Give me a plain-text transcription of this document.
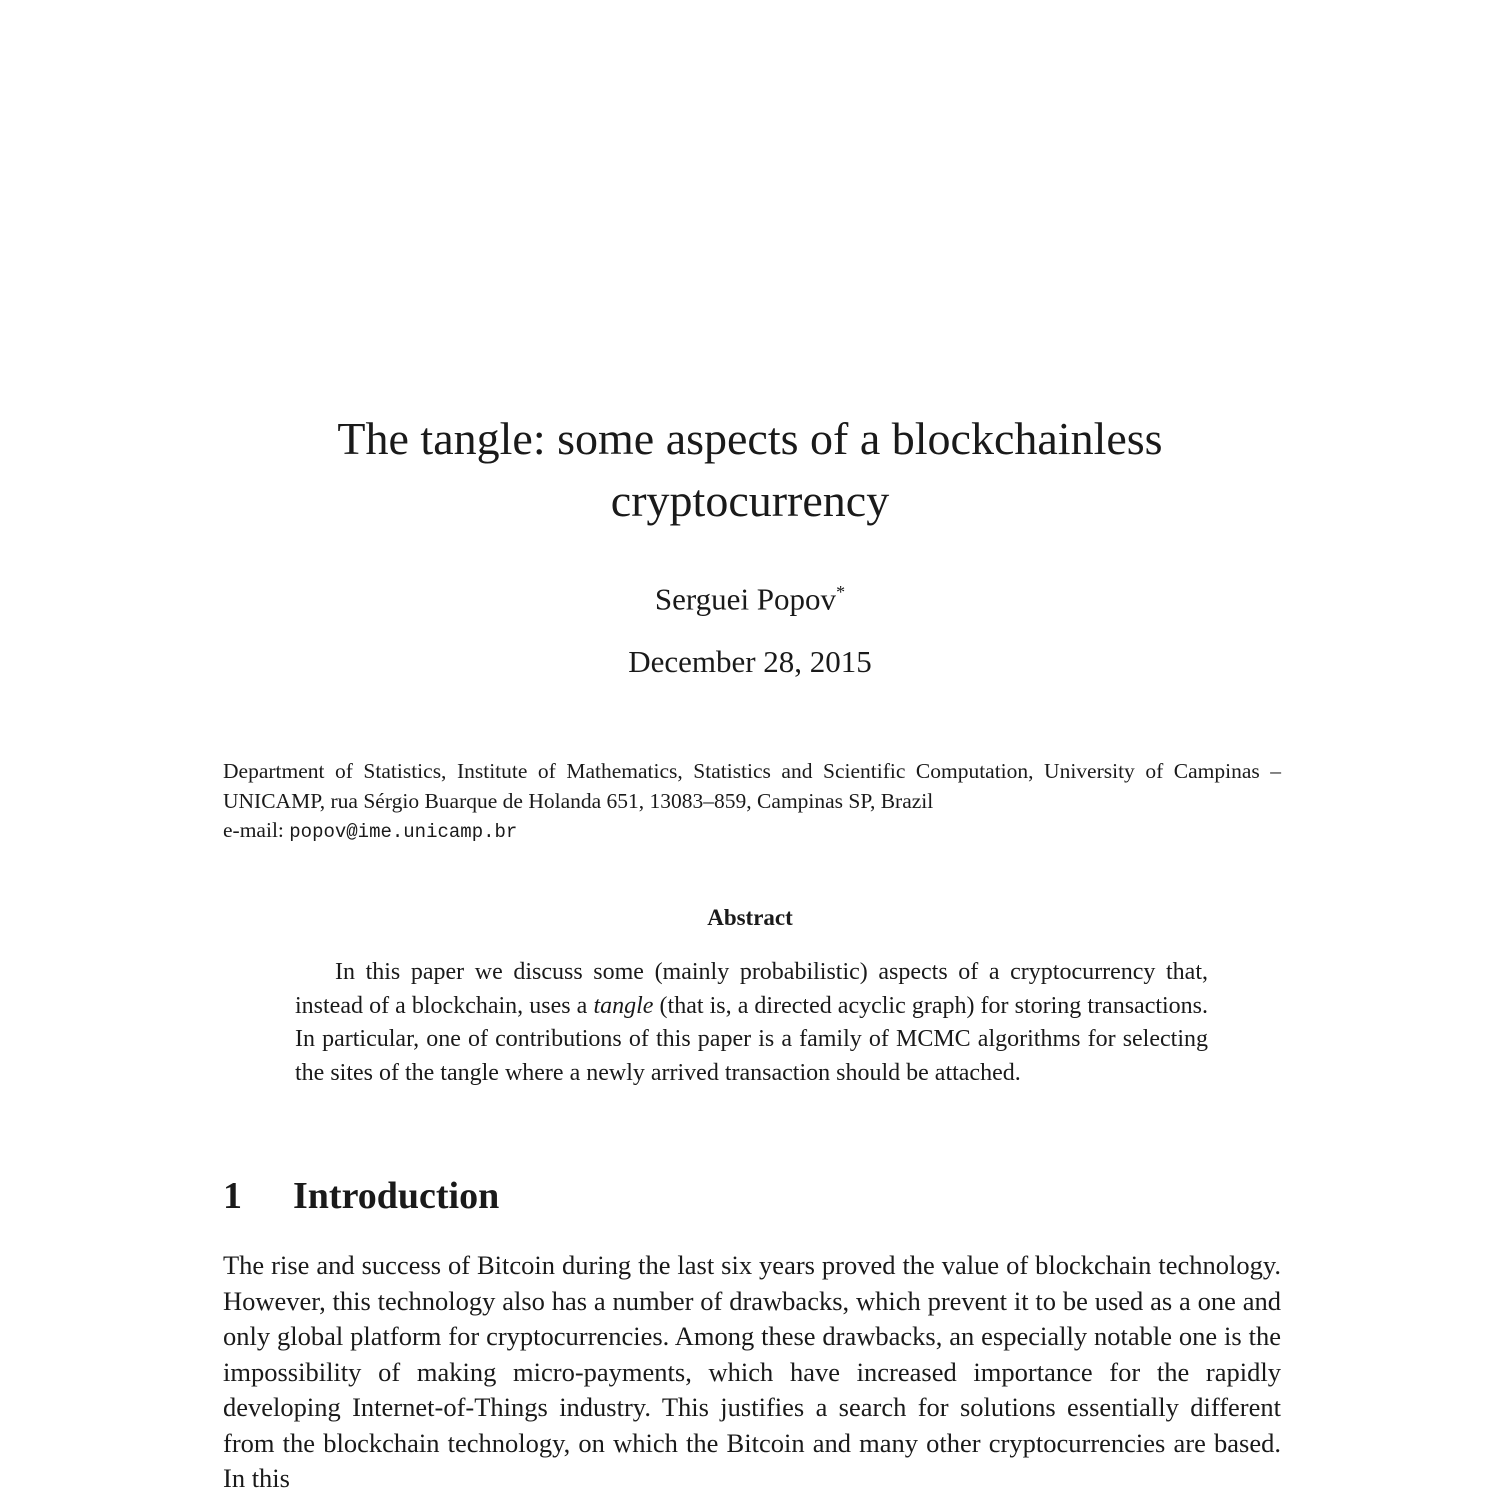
The tangle: some aspects of a blockchainless cryptocurrency
Serguei Popov*
December 28, 2015
Department of Statistics, Institute of Mathematics, Statistics and Scientific Computation, University of Campinas – UNICAMP, rua Sérgio Buarque de Holanda 651, 13083–859, Campinas SP, Brazil
e-mail: popov@ime.unicamp.br
Abstract
In this paper we discuss some (mainly probabilistic) aspects of a cryptocurrency that, instead of a blockchain, uses a tangle (that is, a directed acyclic graph) for storing transactions. In particular, one of contributions of this paper is a family of MCMC algorithms for selecting the sites of the tangle where a newly arrived transaction should be attached.
1 Introduction
The rise and success of Bitcoin during the last six years proved the value of blockchain technology. However, this technology also has a number of drawbacks, which prevent it to be used as a one and only global platform for cryptocurrencies. Among these drawbacks, an especially notable one is the impossibility of making micro-payments, which have increased importance for the rapidly developing Internet-of-Things industry. This justifies a search for solutions essentially different from the blockchain technology, on which the Bitcoin and many other cryptocurrencies are based. In this
